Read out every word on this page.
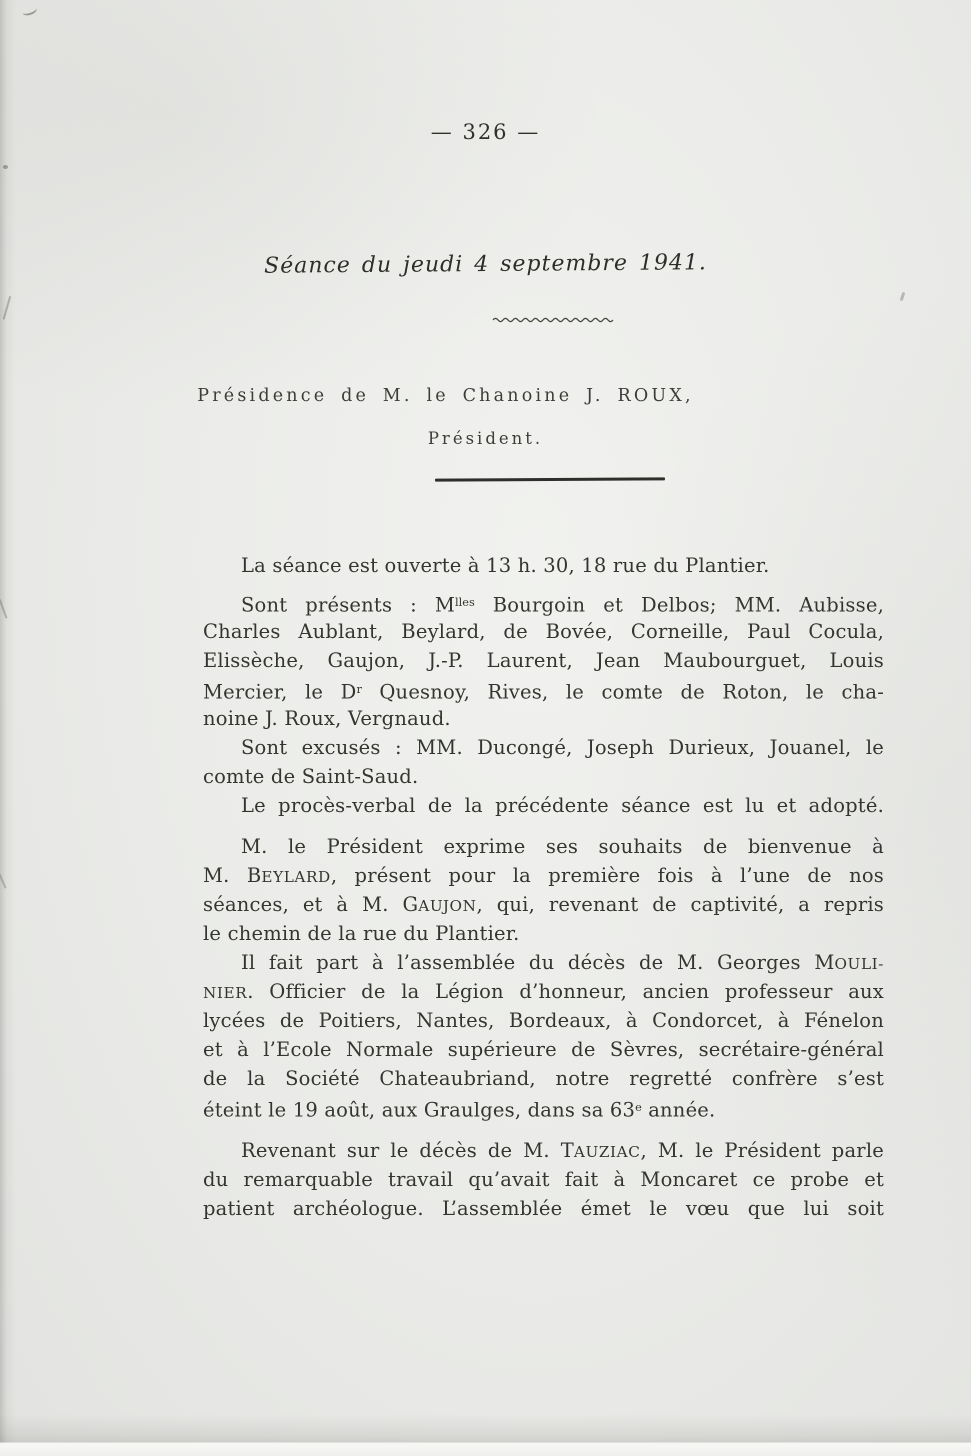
— 326 —
Séance du jeudi 4 septembre 1941.
Présidence de M. le Chanoine J. ROUX,
Président.
La séance est ouverte à 13 h. 30, 18 rue du Plantier.
Sont présents : $M^{lles}$ Bourgoin et Delbos; MM. Aubisse,
Charles Aublant, Beylard, de Bovée, Corneille, Paul Cocula,
Elissèche, Gaujon, J.-P. Laurent, Jean Maubourguet, Louis
Mercier, le $D^r$ Quesnoy, Rives, le comte de Roton, le cha-
noine J. Roux, Vergnaud.
Sont excusés : MM. Ducongé, Joseph Durieux, Jouanel, le
comte de Saint-Saud.
Le procès-verbal de la précédente séance est lu et adopté.
M. le Président exprime ses souhaits de bienvenue à
M. BEYLARD, présent pour la première fois à l’une de nos
séances, et à M. GAUJON, qui, revenant de captivité, a repris
le chemin de la rue du Plantier.
Il fait part à l’assemblée du décès de M. Georges MOULI-
NIER. Officier de la Légion d’honneur, ancien professeur aux
lycées de Poitiers, Nantes, Bordeaux, à Condorcet, à Fénelon
et à l’Ecole Normale supérieure de Sèvres, secrétaire-général
de la Société Chateaubriand, notre regretté confrère s’est
éteint le 19 août, aux Graulges, dans sa 63e année.
Revenant sur le décès de M. TAUZIAC, M. le Président parle
du remarquable travail qu’avait fait à Moncaret ce probe et
patient archéologue. L’assemblée émet le vœu que lui soit
